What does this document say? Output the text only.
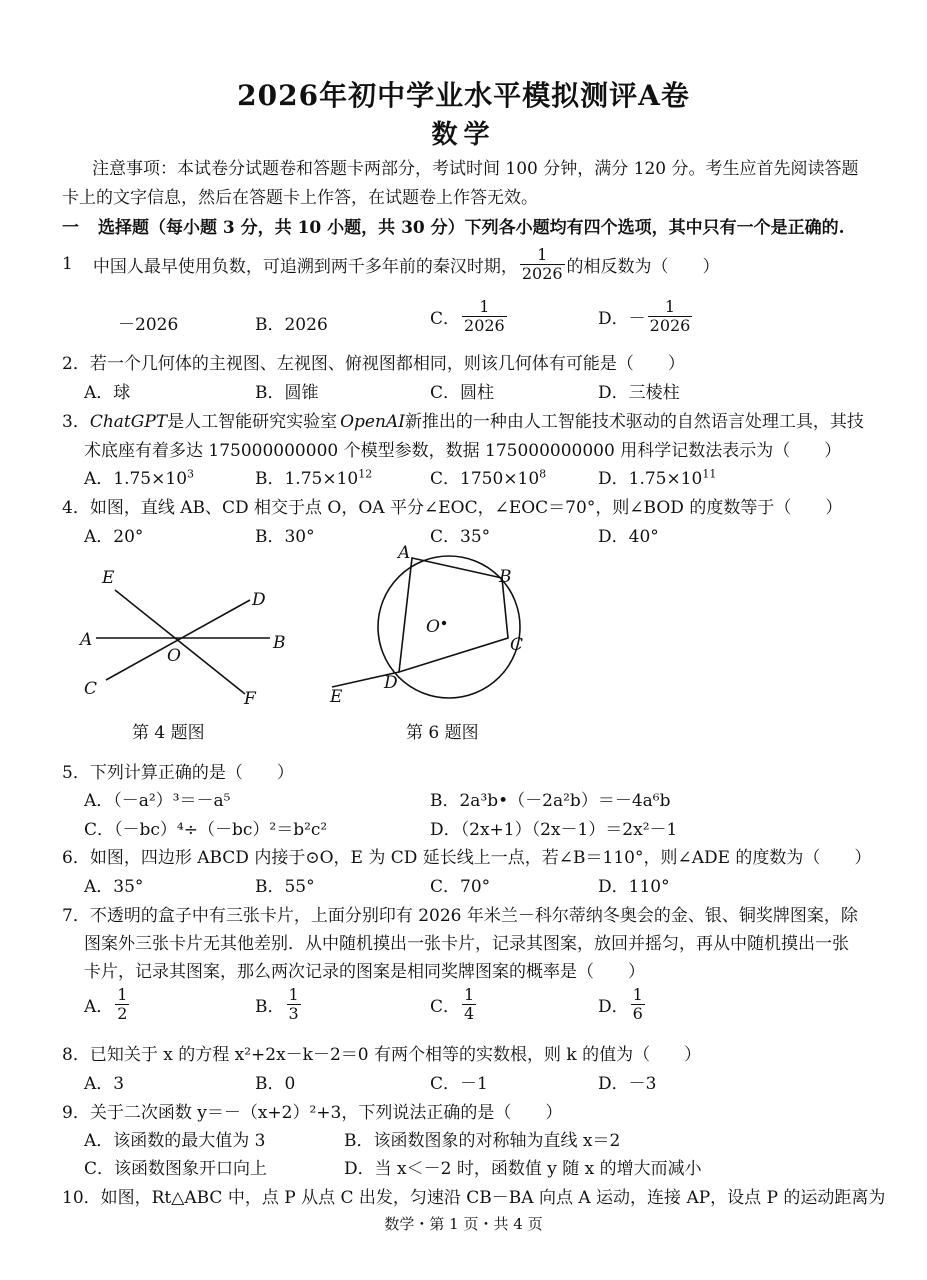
2026年初中学业水平模拟测评A卷
数学
注意事项：本试卷分试题卷和答题卡两部分，考试时间 100 分钟，满分 120 分。考生应首先阅读答题
卡上的文字信息，然后在答题卡上作答，在试题卷上作答无效。
一 选择题（每小题 3 分，共 10 小题，共 30 分）下列各小题均有四个选项，其中只有一个是正确的.
1 中国人最早使用负数，可追溯到两千多年前的秦汉时期， $\frac{1}{2026}$ 的相反数为（　　）
－2026	B．2026	C． $\frac{1}{2026}$	D．－ $\frac{1}{2026}$
2．若一个几何体的主视图、左视图、俯视图都相同，则该几何体有可能是（　　）
A．球	B．圆锥	C．圆柱	D．三棱柱
3．ChatGPT是人工智能研究实验室 OpenAI新推出的一种由人工智能技术驱动的自然语言处理工具，其技
术底座有着多达 175000000000 个模型参数，数据 175000000000 用科学记数法表示为（　　）
A．$1.75\times 10^3$	B．$1.75\times 10^{12}$	C．$1750\times 10^8$	D．$1.75\times 10^{11}$
4．如图，直线 AB、CD 相交于点 O，OA 平分∠EOC，∠EOC＝70°，则∠BOD 的度数等于（　　）
A．20°	B．30°	C．35°	D．40°
E
D
A	B
O
C	F
第 4 题图
A
B
O
C
D
E
第 6 题图
5．下列计算正确的是（　　）
A．（－a²）³＝－a⁵	B．2a³b•（－2a²b）＝－4a⁶b
C．（－bc）⁴÷（－bc）²＝b²c²	D．（2x+1）（2x－1）＝2x²－1
6．如图，四边形 ABCD 内接于⊙O，E 为 CD 延长线上一点，若∠B＝110°，则∠ADE 的度数为（　　）
A．35°	B．55°	C．70°	D．110°
7．不透明的盒子中有三张卡片，上面分别印有 2026 年米兰－科尔蒂纳冬奥会的金、银、铜奖牌图案，除
图案外三张卡片无其他差别．从中随机摸出一张卡片，记录其图案，放回并摇匀，再从中随机摸出一张
卡片，记录其图案，那么两次记录的图案是相同奖牌图案的概率是（　　）
A． $\frac{1}{2}$	B． $\frac{1}{3}$	C． $\frac{1}{4}$	D． $\frac{1}{6}$
8．已知关于 x 的方程 x²+2x－k－2＝0 有两个相等的实数根，则 k 的值为（　　）
A．3	B．0	C．－1	D．－3
9．关于二次函数 y＝－（x+2）²+3，下列说法正确的是（　　）
A．该函数的最大值为 3	B．该函数图象的对称轴为直线 x＝2
C．该函数图象开口向上	D．当 x＜－2 时，函数值 y 随 x 的增大而减小
10．如图，Rt△ABC 中，点 P 从点 C 出发，匀速沿 CB－BA 向点 A 运动，连接 AP，设点 P 的运动距离为
数学・第 1 页・共 4 页
